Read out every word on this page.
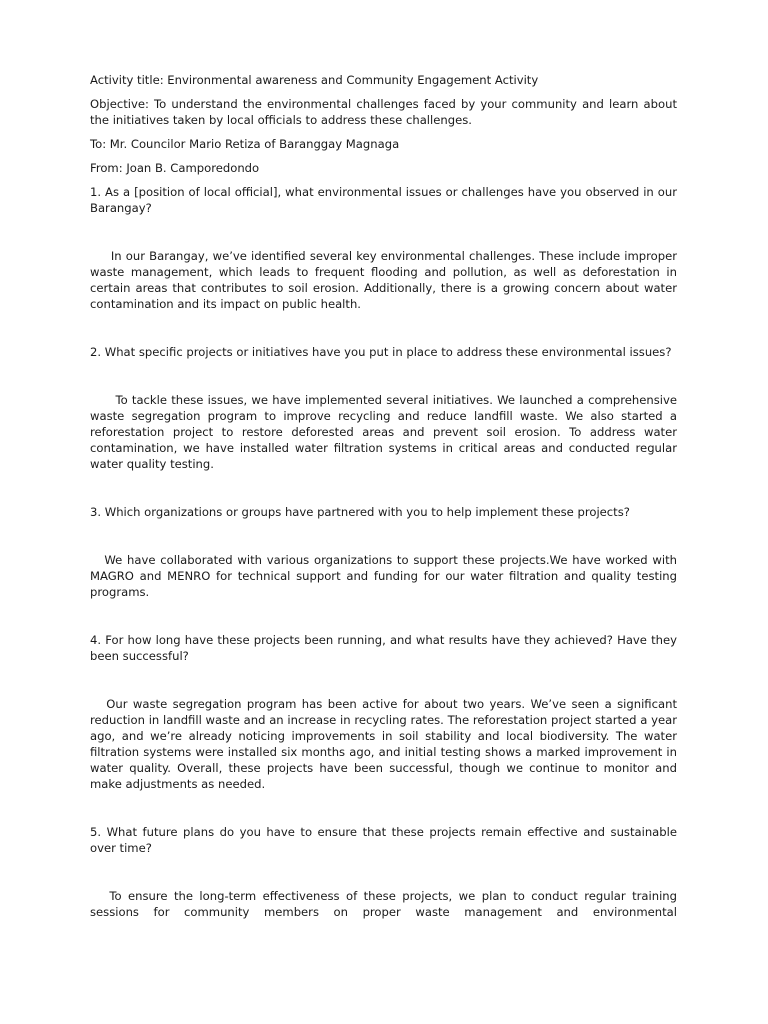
Activity title: Environmental awareness and Community Engagement Activity

Objective: To understand the environmental challenges faced by your community and learn about the initiatives taken by local officials to address these challenges.

To: Mr. Councilor Mario Retiza of Baranggay Magnaga

From: Joan B. Camporedondo

1. As a [position of local official], what environmental issues or challenges have you observed in our Barangay?

In our Barangay, we’ve identified several key environmental challenges. These include improper waste management, which leads to frequent flooding and pollution, as well as deforestation in certain areas that contributes to soil erosion. Additionally, there is a growing concern about water contamination and its impact on public health.

2. What specific projects or initiatives have you put in place to address these environmental issues?

To tackle these issues, we have implemented several initiatives. We launched a comprehensive waste segregation program to improve recycling and reduce landfill waste. We also started a reforestation project to restore deforested areas and prevent soil erosion. To address water contamination, we have installed water filtration systems in critical areas and conducted regular water quality testing.

3. Which organizations or groups have partnered with you to help implement these projects?

We have collaborated with various organizations to support these projects.We have worked with MAGRO and MENRO for technical support and funding for our water filtration and quality testing programs.

4. For how long have these projects been running, and what results have they achieved? Have they been successful?

Our waste segregation program has been active for about two years. We’ve seen a significant reduction in landfill waste and an increase in recycling rates. The reforestation project started a year ago, and we’re already noticing improvements in soil stability and local biodiversity. The water filtration systems were installed six months ago, and initial testing shows a marked improvement in water quality. Overall, these projects have been successful, though we continue to monitor and make adjustments as needed.

5. What future plans do you have to ensure that these projects remain effective and sustainable over time?

To ensure the long-term effectiveness of these projects, we plan to conduct regular training sessions for community members on proper waste management and environmental
